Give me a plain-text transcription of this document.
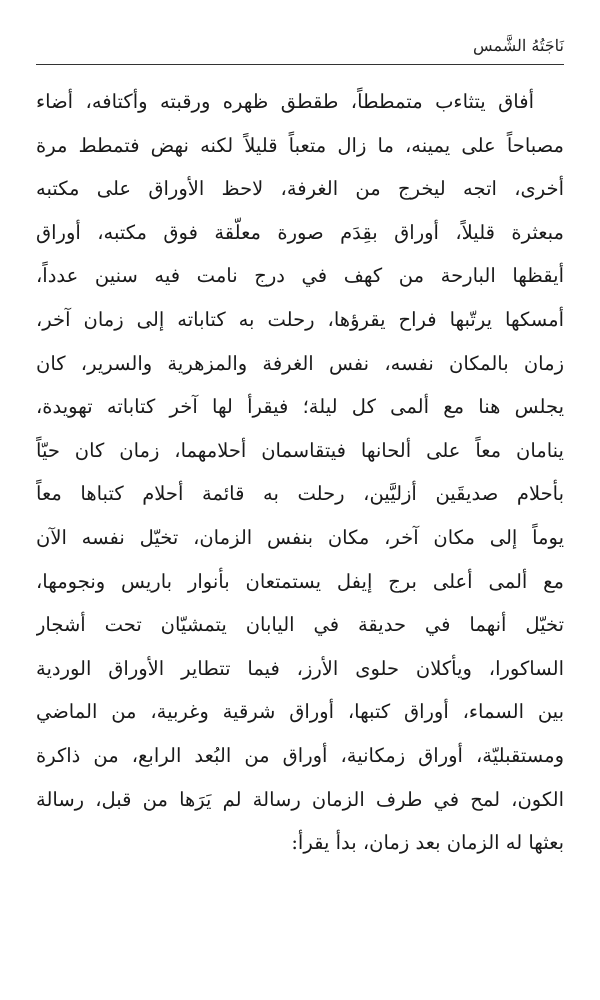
نَاجَتُهُ الشَّمس
أفاق يتثاءب متمططاً، طقطق ظهره ورقبته وأكتافه، أضاء
مصباحاً على يمينه، ما زال متعباً قليلاً لكنه نهض فتمطط مرة
أخرى، اتجه ليخرج من الغرفة، لاحظ الأوراق على مكتبه
مبعثرة قليلاً، أوراق بقِدَم صورة معلّقة فوق مكتبه، أوراق
أيقظها البارحة من كهف في درج نامت فيه سنين عدداً،
أمسكها يرتّبها فراح يقرؤها، رحلت به كتاباته إلى زمان آخر،
زمان بالمكان نفسه، نفس الغرفة والمزهرية والسرير، كان
يجلس هنا مع ألمى كل ليلة؛ فيقرأ لها آخر كتاباته تهويدة،
ينامان معاً على ألحانها فيتقاسمان أحلامهما، زمان كان حيّاً
بأحلام صديقَين أزليَّين، رحلت به قائمة أحلام كتباها معاً
يوماً إلى مكان آخر، مكان بنفس الزمان، تخيّل نفسه الآن
مع ألمى أعلى برج إيفل يستمتعان بأنوار باريس ونجومها،
تخيّل أنهما في حديقة في اليابان يتمشيّان تحت أشجار
الساكورا، ويأكلان حلوى الأرز، فيما تتطاير الأوراق الوردية
بين السماء، أوراق كتبها، أوراق شرقية وغربية، من الماضي
ومستقبليّة، أوراق زمكانية، أوراق من البُعد الرابع، من ذاكرة
الكون، لمح في طرف الزمان رسالة لم يَرَها من قبل، رسالة
بعثها له الزمان بعد زمان، بدأ يقرأ:
